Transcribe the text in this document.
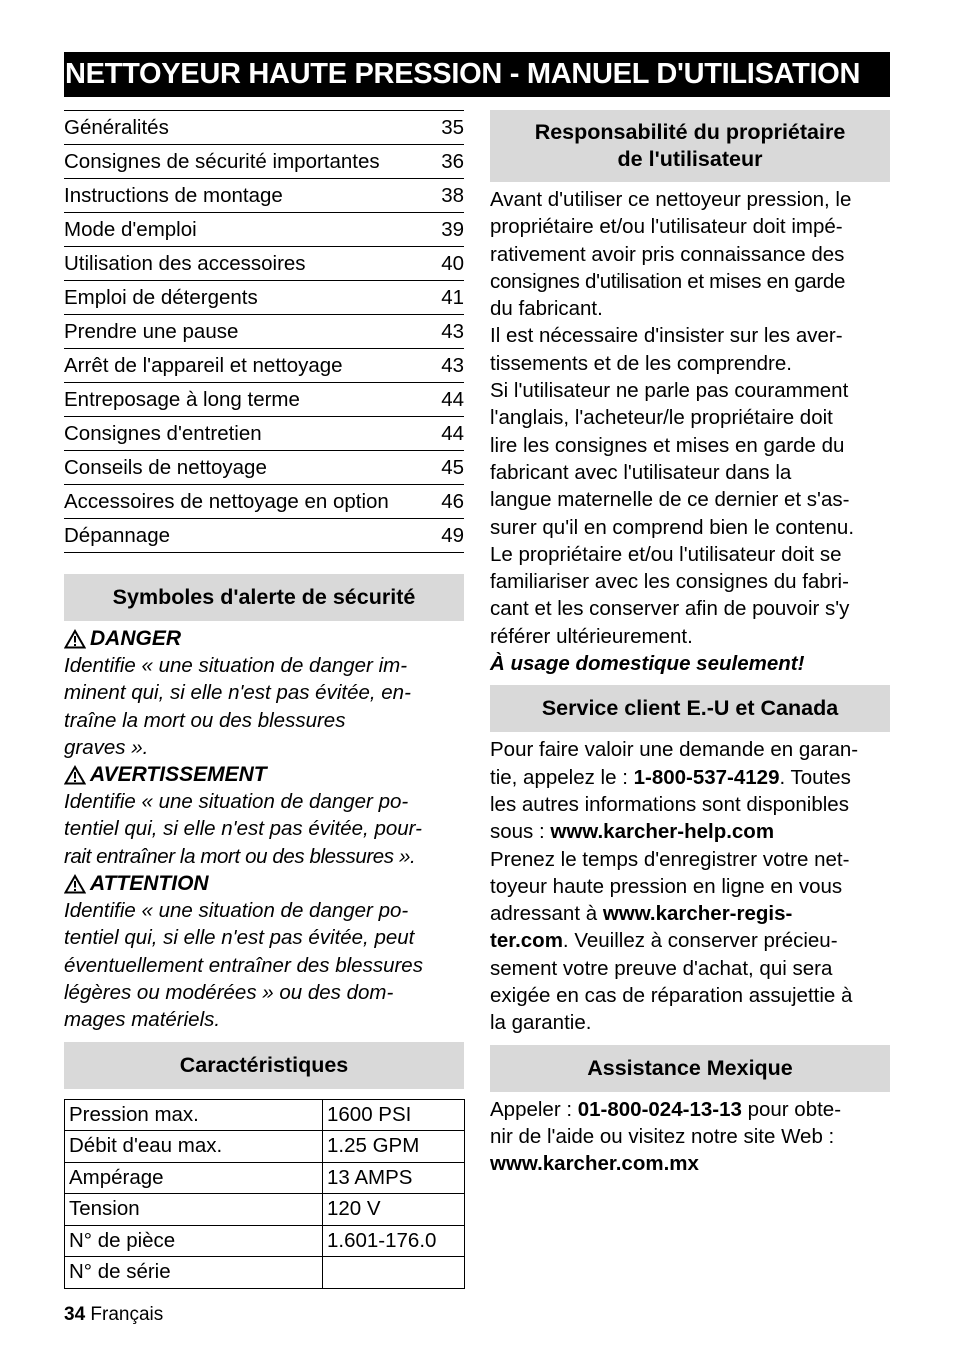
NETTOYEUR HAUTE PRESSION - MANUEL D'UTILISATION
Généralités	35
Consignes de sécurité importantes	36
Instructions de montage	38
Mode d'emploi	39
Utilisation des accessoires	40
Emploi de détergents	41
Prendre une pause	43
Arrêt de l'appareil et nettoyage	43
Entreposage à long terme	44
Consignes d'entretien	44
Conseils de nettoyage	45
Accessoires de nettoyage en option	46
Dépannage	49
Symboles d'alerte de sécurité
DANGER

Identifie « une situation de danger im-
minent qui, si elle n'est pas évitée, en-
traîne la mort ou des blessures
graves ».

AVERTISSEMENT

Identifie « une situation de danger po-
tentiel qui, si elle n'est pas évitée, pour-
rait entraîner la mort ou des blessures ».

ATTENTION

Identifie « une situation de danger po-
tentiel qui, si elle n'est pas évitée, peut
éventuellement entraîner des blessures
légères ou modérées » ou des dom-
mages matériels.

Caractéristiques
Pression max.	1600 PSI
Débit d'eau max.	1.25 GPM
Ampérage	13 AMPS
Tension	120 V
N° de pièce	1.601-176.0
N° de série	
Responsabilité du propriétaire
de l'utilisateur

Avant d'utiliser ce nettoyeur pression, le
propriétaire et/ou l'utilisateur doit impé-
rativement avoir pris connaissance des
consignes d'utilisation et mises en garde
du fabricant.
Il est nécessaire d'insister sur les aver-
tissements et de les comprendre.
Si l'utilisateur ne parle pas couramment
l'anglais, l'acheteur/le propriétaire doit
lire les consignes et mises en garde du
fabricant avec l'utilisateur dans la
langue maternelle de ce dernier et s'as-
surer qu'il en comprend bien le contenu.
Le propriétaire et/ou l'utilisateur doit se
familiariser avec les consignes du fabri-
cant et les conserver afin de pouvoir s'y
référer ultérieurement.

À usage domestique seulement!
Service client E.-U et Canada

Pour faire valoir une demande en garan-
tie, appelez le : 1-800-537-4129. Toutes
les autres informations sont disponibles
sous : www.karcher-help.com
Prenez le temps d'enregistrer votre net-
toyeur haute pression en ligne en vous
adressant à www.karcher-regis-
ter.com. Veuillez à conserver précieu-
sement votre preuve d'achat, qui sera
exigée en cas de réparation assujettie à
la garantie.

Assistance Mexique

Appeler : 01-800-024-13-13 pour obte-
nir de l'aide ou visitez notre site Web :
www.karcher.com.mx

34 Français
